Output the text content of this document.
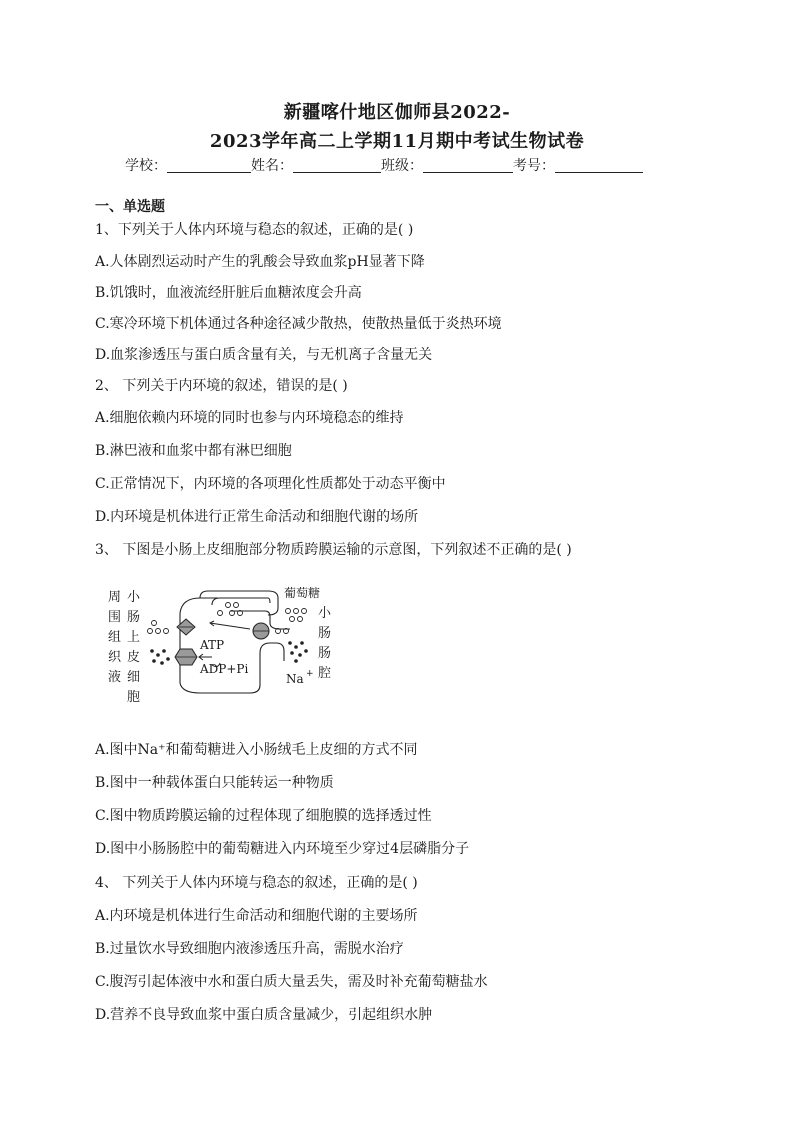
新疆喀什地区伽师县2022-
2023学年高二上学期11月期中考试生物试卷
学校：	姓名：	班级：	考号：
一、单选题
1、下列关于人体内环境与稳态的叙述，正确的是( )
A.人体剧烈运动时产生的乳酸会导致血浆pH显著下降
B.饥饿时，血液流经肝脏后血糖浓度会升高
C.寒冷环境下机体通过各种途径减少散热，使散热量低于炎热环境
D.血浆渗透压与蛋白质含量有关，与无机离子含量无关
2、 下列关于内环境的叙述，错误的是( )
A.细胞依赖内环境的同时也参与内环境稳态的维持
B.淋巴液和血浆中都有淋巴细胞
C.正常情况下，内环境的各项理化性质都处于动态平衡中
D.内环境是机体进行正常生命活动和细胞代谢的场所
3、 下图是小肠上皮细胞部分物质跨膜运输的示意图，下列叙述不正确的是( )
周
围
组
织
液
小
肠
上
皮
细
胞
ATP
ADP+Pi
葡萄糖
小
肠
肠
腔
Na +
A.图中Na⁺和葡萄糖进入小肠绒毛上皮细的方式不同
B.图中一种载体蛋白只能转运一种物质
C.图中物质跨膜运输的过程体现了细胞膜的选择透过性
D.图中小肠肠腔中的葡萄糖进入内环境至少穿过4层磷脂分子
4、 下列关于人体内环境与稳态的叙述，正确的是( )
A.内环境是机体进行生命活动和细胞代谢的主要场所
B.过量饮水导致细胞内液渗透压升高，需脱水治疗
C.腹泻引起体液中水和蛋白质大量丢失，需及时补充葡萄糖盐水
D.营养不良导致血浆中蛋白质含量减少，引起组织水肿
